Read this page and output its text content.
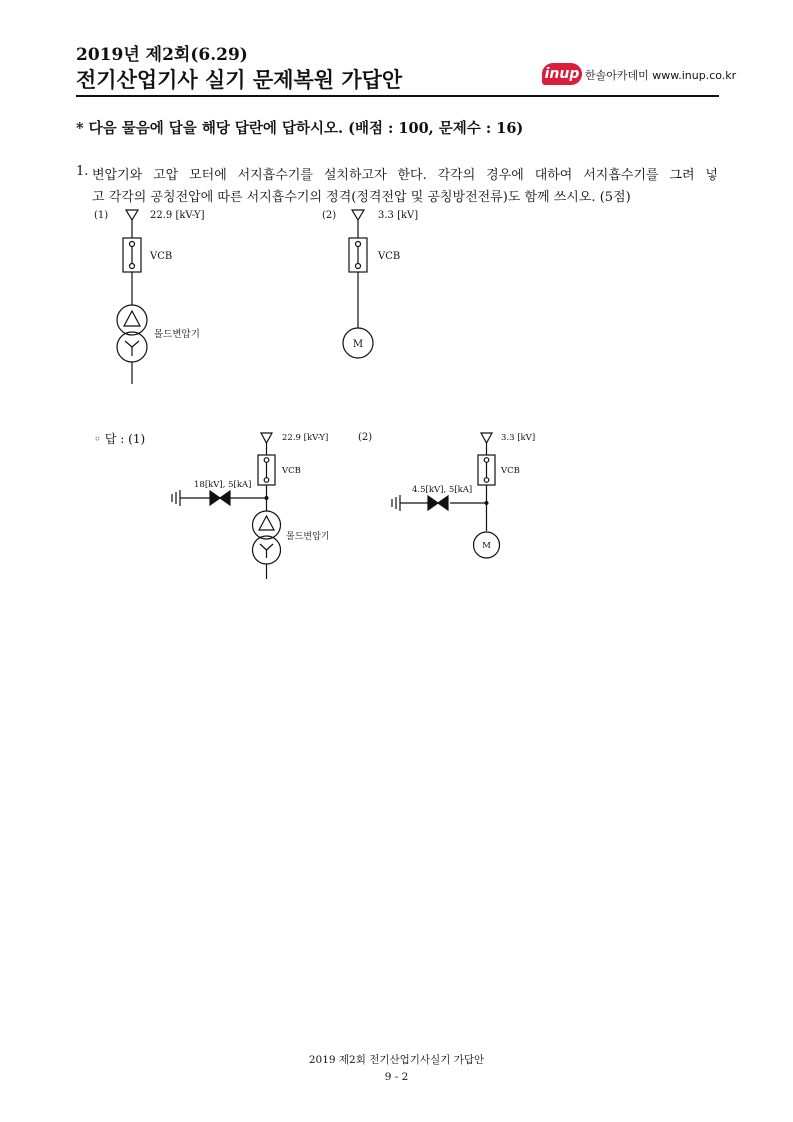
2019년 제2회(6.29)
전기산업기사 실기 문제복원 가답안	inup 한솔아카데미 www.inup.co.kr
* 다음 물음에 답을 해당 답란에 답하시오. (배점 : 100, 문제수 : 16)
1. 변압기와 고압 모터에 서지흡수기를 설치하고자 한다. 각각의 경우에 대하여 서지흡수기를 그려 넣
고 각각의 공칭전압에 따른 서지흡수기의 정격(정격전압 및 공칭방전전류)도 함께 쓰시오. (5점)
(1)	22.9 [kV-Y]
VCB
몰드변압기
(2)	3.3 [kV]
VCB
M
22.9 [kV-Y]
VCB
18[kV], 5[kA]
몰드변압기
(2)	3.3 [kV]
VCB
4.5[kV], 5[kA]
M
◦ 답 : (1)
2019 제2회 전기산업기사실기 가답안
9 - 2
